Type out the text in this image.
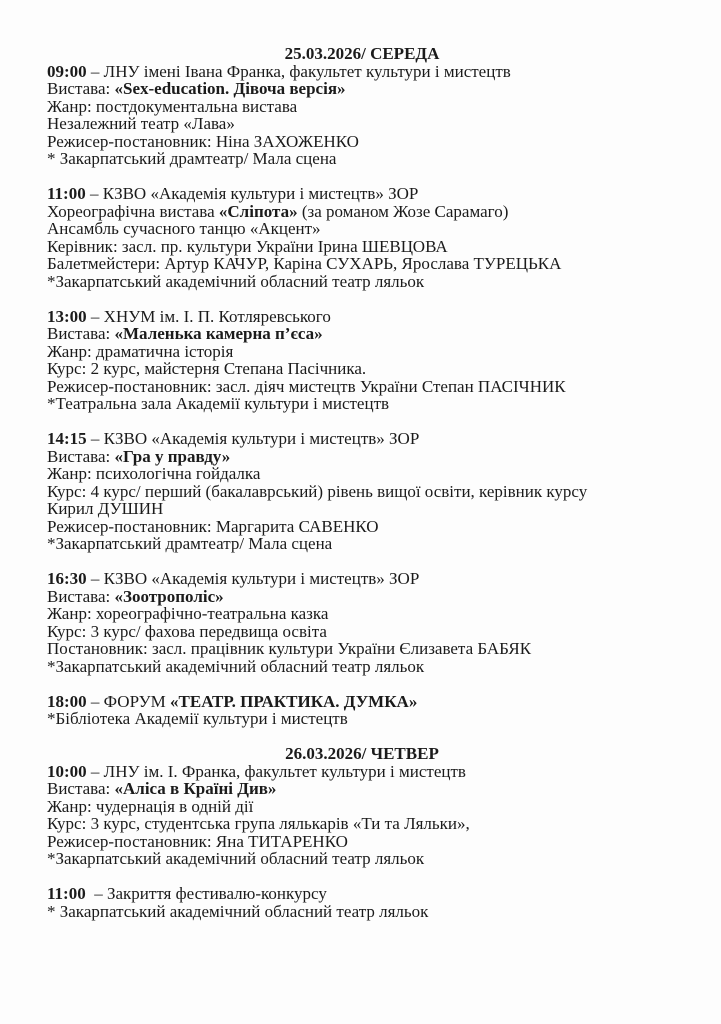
25.03.2026/ СЕРЕДА
09:00 – ЛНУ імені Івана Франка, факультет культури і мистецтв
Вистава: «Sex-education. Дівоча версія»
Жанр: постдокументальна вистава
Незалежний театр «Лава»
Режисер-постановник: Ніна ЗАХОЖЕНКО
* Закарпатський драмтеатр/ Мала сцена
11:00 – КЗВО «Академія культури і мистецтв» ЗОР
Хореографічна вистава «Сліпота» (за романом Жозе Сарамаго)
Ансамбль сучасного танцю «Акцент»
Керівник: засл. пр. культури України Ірина ШЕВЦОВА
Балетмейстери: Артур КАЧУР, Каріна СУХАРЬ, Ярослава ТУРЕЦЬКА
*Закарпатський академічний обласний театр ляльок
13:00 – ХНУМ ім. І. П. Котляревського
Вистава: «Маленька камерна п’єса»
Жанр: драматична історія
Курс: 2 курс, майстерня Степана Пасічника.
Режисер-постановник: засл. діяч мистецтв України Степан ПАСІЧНИК
*Театральна зала Академії культури і мистецтв
14:15 – КЗВО «Академія культури і мистецтв» ЗОР
Вистава: «Гра у правду»
Жанр: психологічна гойдалка
Курс: 4 курс/ перший (бакалаврський) рівень вищої освіти, керівник курсу
Кирил ДУШИН
Режисер-постановник: Маргарита САВЕНКО
*Закарпатський драмтеатр/ Мала сцена
16:30 – КЗВО «Академія культури і мистецтв» ЗОР
Вистава: «Зоотрополіс»
Жанр: хореографічно-театральна казка
Курс: 3 курс/ фахова передвища освіта
Постановник: засл. працівник культури України Єлизавета БАБЯК
*Закарпатський академічний обласний театр ляльок
18:00 – ФОРУМ «ТЕАТР. ПРАКТИКА. ДУМКА»
*Бібліотека Академії культури і мистецтв
26.03.2026/ ЧЕТВЕР
10:00 – ЛНУ ім. І. Франка, факультет культури і мистецтв
Вистава: «Аліса в Країні Див»
Жанр: чудернація в одній дії
Курс: 3 курс, студентська група лялькарів «Ти та Ляльки»,
Режисер-постановник: Яна ТИТАРЕНКО
*Закарпатський академічний обласний театр ляльок
11:00  – Закриття фестивалю-конкурсу
* Закарпатський академічний обласний театр ляльок
